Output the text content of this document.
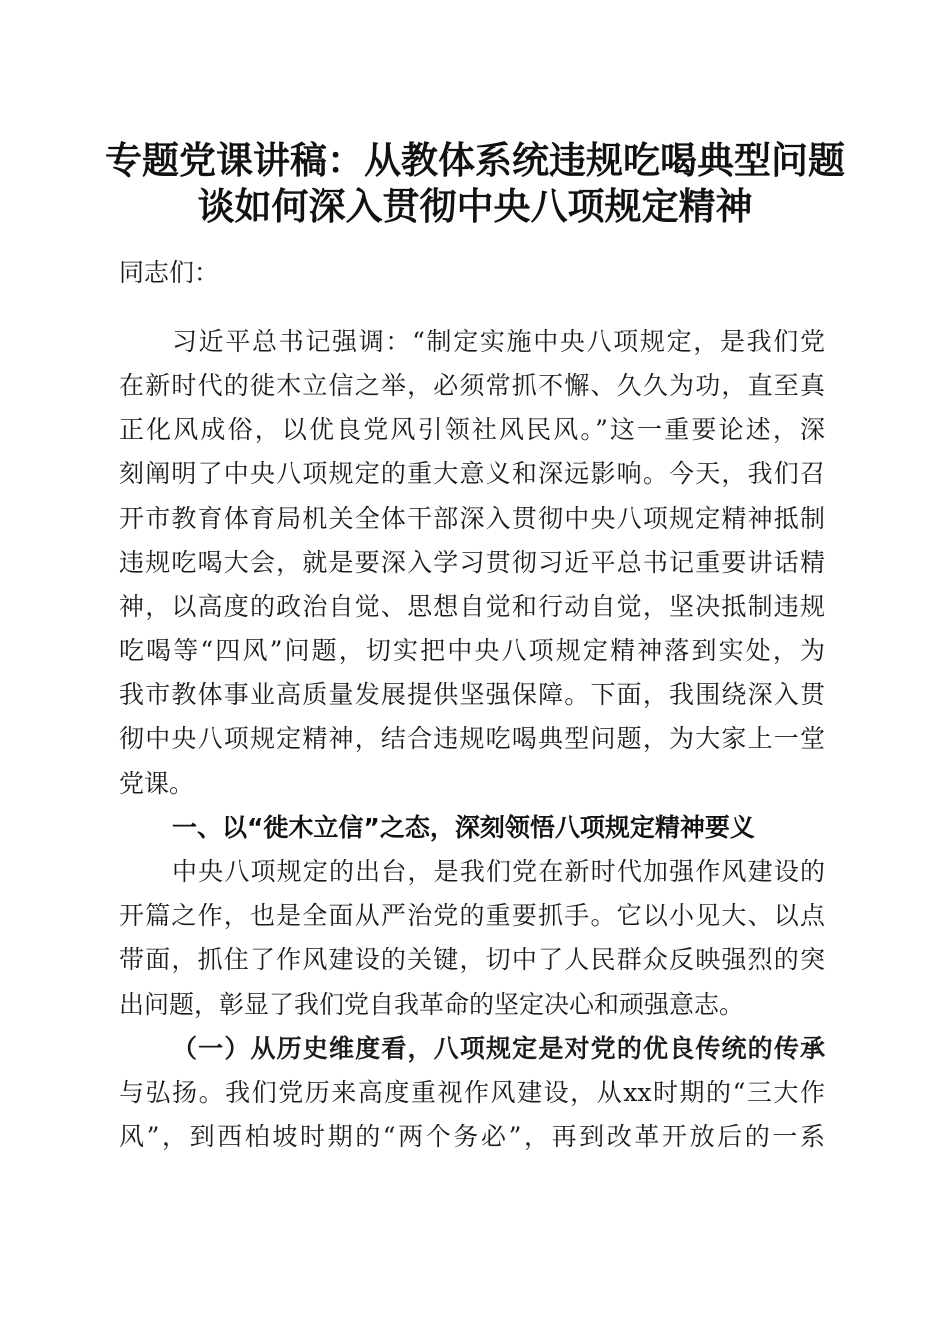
专题党课讲稿：从教体系统违规吃喝典型问题
谈如何深入贯彻中央八项规定精神
同志们：
习近平总书记强调：“制定实施中央八项规定，是我们党
在新时代的徙木立信之举，必须常抓不懈、久久为功，直至真
正化风成俗，以优良党风引领社风民风。”这一重要论述，深
刻阐明了中央八项规定的重大意义和深远影响。今天，我们召
开市教育体育局机关全体干部深入贯彻中央八项规定精神抵制
违规吃喝大会，就是要深入学习贯彻习近平总书记重要讲话精
神，以高度的政治自觉、思想自觉和行动自觉，坚决抵制违规
吃喝等“四风”问题，切实把中央八项规定精神落到实处，为
我市教体事业高质量发展提供坚强保障。下面，我围绕深入贯
彻中央八项规定精神，结合违规吃喝典型问题，为大家上一堂
党课。
一、以“徙木立信”之态，深刻领悟八项规定精神要义
中央八项规定的出台，是我们党在新时代加强作风建设的
开篇之作，也是全面从严治党的重要抓手。它以小见大、以点
带面，抓住了作风建设的关键，切中了人民群众反映强烈的突
出问题，彰显了我们党自我革命的坚定决心和顽强意志。
（一）从历史维度看，八项规定是对党的优良传统的传承
与弘扬。我们党历来高度重视作风建设，从xx时期的“三大作
风”，到西柏坡时期的“两个务必”，再到改革开放后的一系
